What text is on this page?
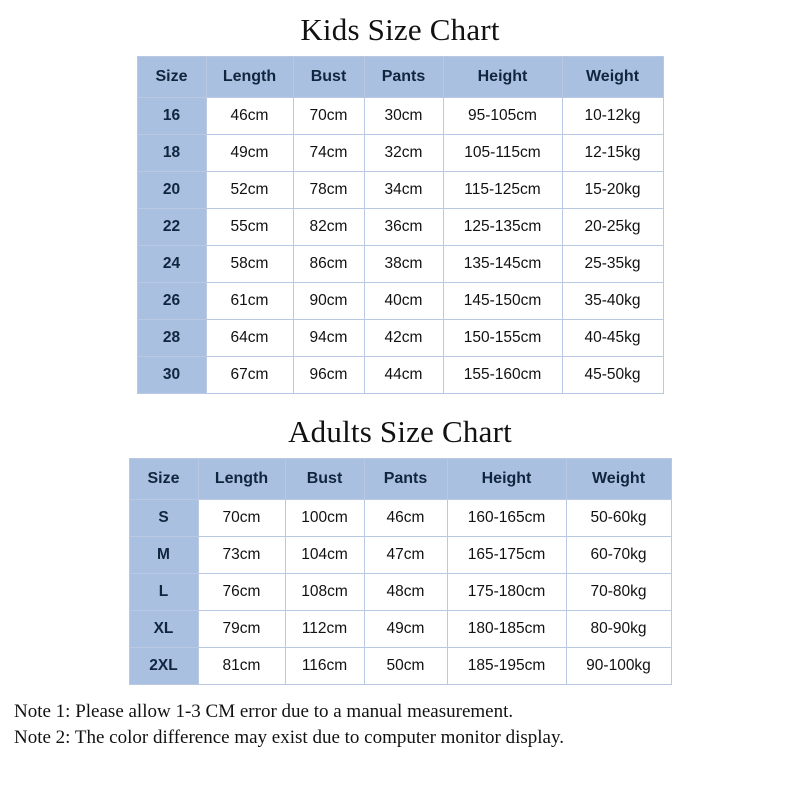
Kids Size Chart
Size	Length	Bust	Pants	Height	Weight
16	46cm	70cm	30cm	95-105cm	10-12kg
18	49cm	74cm	32cm	105-115cm	12-15kg
20	52cm	78cm	34cm	115-125cm	15-20kg
22	55cm	82cm	36cm	125-135cm	20-25kg
24	58cm	86cm	38cm	135-145cm	25-35kg
26	61cm	90cm	40cm	145-150cm	35-40kg
28	64cm	94cm	42cm	150-155cm	40-45kg
30	67cm	96cm	44cm	155-160cm	45-50kg
Adults Size Chart
Size	Length	Bust	Pants	Height	Weight
S	70cm	100cm	46cm	160-165cm	50-60kg
M	73cm	104cm	47cm	165-175cm	60-70kg
L	76cm	108cm	48cm	175-180cm	70-80kg
XL	79cm	112cm	49cm	180-185cm	80-90kg
2XL	81cm	116cm	50cm	185-195cm	90-100kg
Note 1: Please allow 1-3 CM error due to a manual measurement.
Note 2: The color difference may exist due to computer monitor display.
